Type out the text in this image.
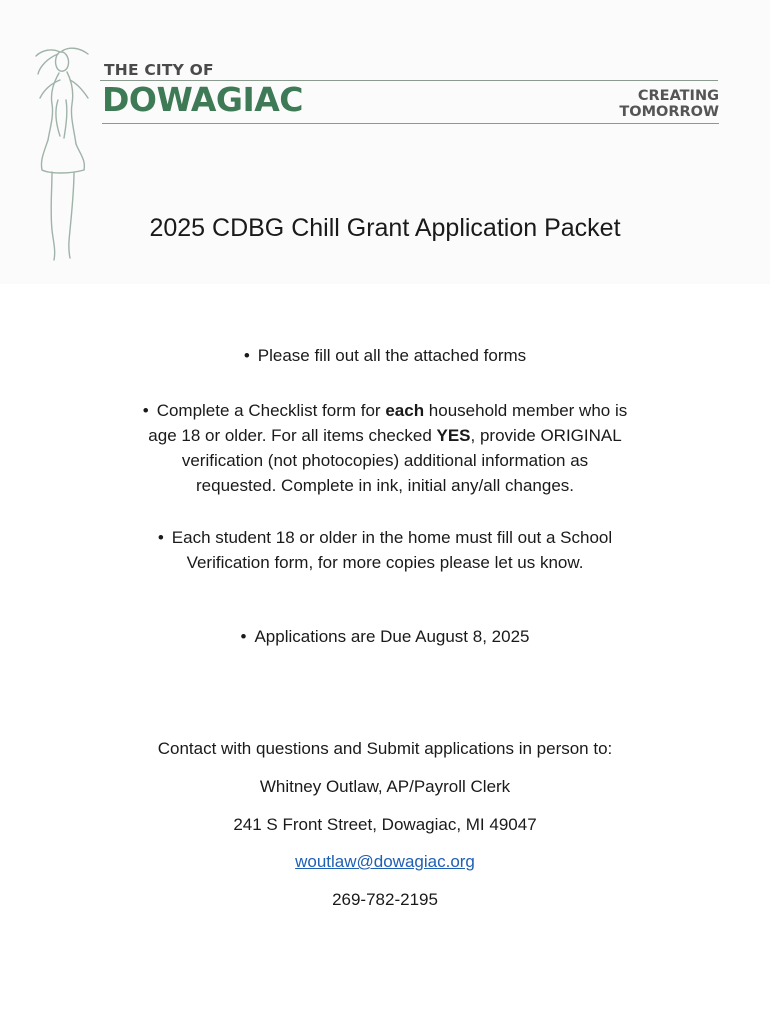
THE CITY OF
DOWAGIAC	CREATING
TOMORROW
2025 CDBG Chill Grant Application Packet
• Please fill out all the attached forms
• Complete a Checklist form for each household member who is
age 18 or older. For all items checked YES, provide ORIGINAL
verification (not photocopies) additional information as
requested. Complete in ink, initial any/all changes.
• Each student 18 or older in the home must fill out a School
Verification form, for more copies please let us know.
• Applications are Due August 8, 2025
Contact with questions and Submit applications in person to:
Whitney Outlaw, AP/Payroll Clerk
241 S Front Street, Dowagiac, MI 49047
woutlaw@dowagiac.org
269-782-2195
